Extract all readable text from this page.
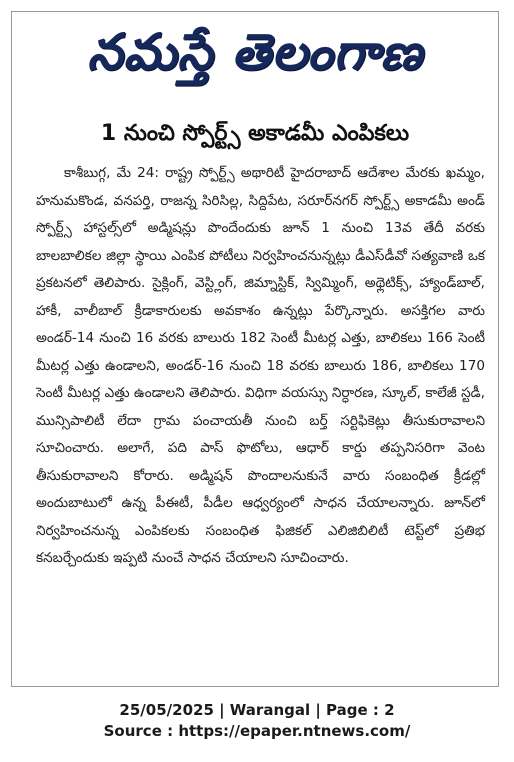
నమస్తే తెలంగాణ
1 నుంచి స్పోర్ట్స్ అకాడమీ ఎంపికలు

కాశీబుగ్గ, మే 24: రాష్ట్ర స్పోర్ట్స్ అథారిటీ హైదరాబాద్ ఆదేశాల మేరకు ఖమ్మం, హనుమకొండ, వనపర్తి, రాజన్న సిరిసిల్ల, సిద్దిపేట, సరూర్‌నగర్ స్పోర్ట్స్ అకాడమీ అండ్ స్పోర్ట్స్ హాస్టల్స్‌లో అడ్మిషన్లు పొందేందుకు జూన్ 1 నుంచి 13వ తేదీ వరకు బాలబాలికల జిల్లా స్థాయి ఎంపిక పోటీలు నిర్వహించనున్నట్లు డీఎస్‌డీవో సత్యవాణి ఒక ప్రకటనలో తెలిపారు. సైక్లింగ్, వెస్ట్లింగ్, జిమ్నాస్టిక్, స్విమ్మింగ్, అథ్లెటిక్స్, హ్యాండ్‌బాల్, హాకీ, వాలీబాల్ క్రీడాకారులకు అవకాశం ఉన్నట్లు పేర్కొన్నారు. అసక్తిగల వారు అండర్-14 నుంచి 16 వరకు బాలురు 182 సెంటీ మీటర్ల ఎత్తు, బాలికలు 166 సెంటీ మీటర్ల ఎత్తు ఉండాలని, అండర్-16 నుంచి 18 వరకు బాలురు 186, బాలికలు 170 సెంటీ మీటర్ల ఎత్తు ఉండాలని తెలిపారు. విధిగా వయస్సు నిర్ధారణ, స్కూల్, కాలేజీ స్టడీ, మున్సిపాలిటీ లేదా గ్రామ పంచాయతీ నుంచి బర్త్ సర్టిఫికెట్లు తీసుకురావాలని సూచించారు. అలాగే, పది పాస్ ఫొటోలు, ఆధార్ కార్డు తప్పనిసరిగా వెంట తీసుకురావాలని కోరారు. అడ్మిషన్ పొందాలనుకునే వారు సంబంధిత క్రీడల్లో అందుబాటులో ఉన్న పీఈటీ, పీడీల ఆధ్వర్యంలో సాధన చేయాలన్నారు. జూన్‌లో నిర్వహించనున్న ఎంపికలకు సంబంధిత ఫిజికల్ ఎలిజిబిలిటీ టెస్ట్‌లో ప్రతిభ కనబర్చేందుకు ఇప్పటి నుంచే సాధన చేయాలని సూచించారు.

25/05/2025 | Warangal | Page : 2
Source : https://epaper.ntnews.com/
